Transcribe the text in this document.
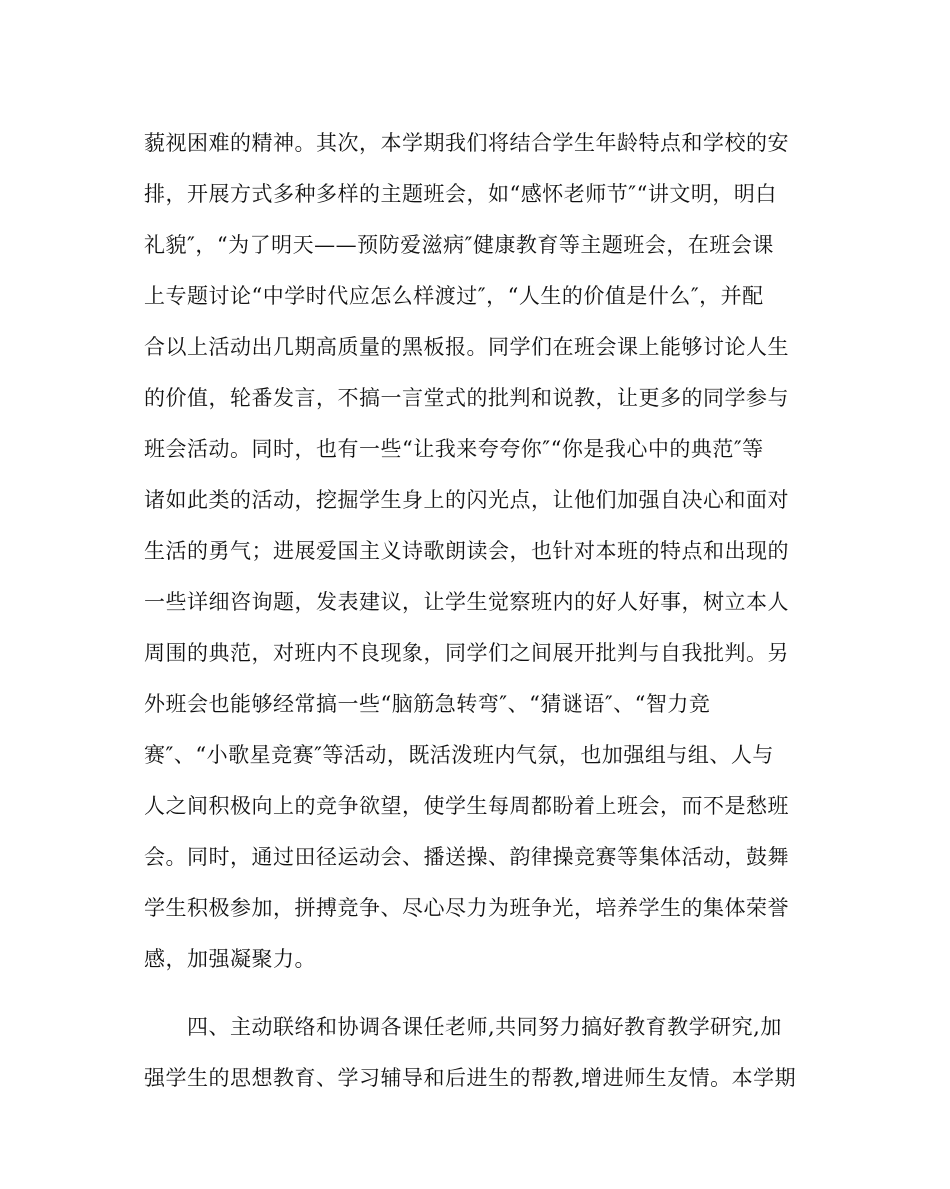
藐视困难的精神。其次，本学期我们将结合学生年龄特点和学校的安
排，开展方式多种多样的主题班会，如“感怀老师节″“讲文明，明白
礼貌″，“为了明天——预防爱滋病″健康教育等主题班会，在班会课
上专题讨论“中学时代应怎么样渡过″，“人生的价值是什么″，并配
合以上活动出几期高质量的黑板报。同学们在班会课上能够讨论人生
的价值，轮番发言，不搞一言堂式的批判和说教，让更多的同学参与
班会活动。同时，也有一些“让我来夸夸你″“你是我心中的典范″等
诸如此类的活动，挖掘学生身上的闪光点，让他们加强自决心和面对
生活的勇气；进展爱国主义诗歌朗读会，也针对本班的特点和出现的
一些详细咨询题，发表建议，让学生觉察班内的好人好事，树立本人
周围的典范，对班内不良现象，同学们之间展开批判与自我批判。另
外班会也能够经常搞一些“脑筋急转弯″、“猜谜语″、“智力竞
赛″、“小歌星竞赛″等活动，既活泼班内气氛，也加强组与组、人与
人之间积极向上的竞争欲望，使学生每周都盼着上班会，而不是愁班
会。同时，通过田径运动会、播送操、韵律操竞赛等集体活动，鼓舞
学生积极参加，拼搏竞争、尽心尽力为班争光，培养学生的集体荣誉
感，加强凝聚力。
　　四、主动联络和协调各课任老师,共同努力搞好教育教学研究,加
强学生的思想教育、学习辅导和后进生的帮教,增进师生友情。本学期
